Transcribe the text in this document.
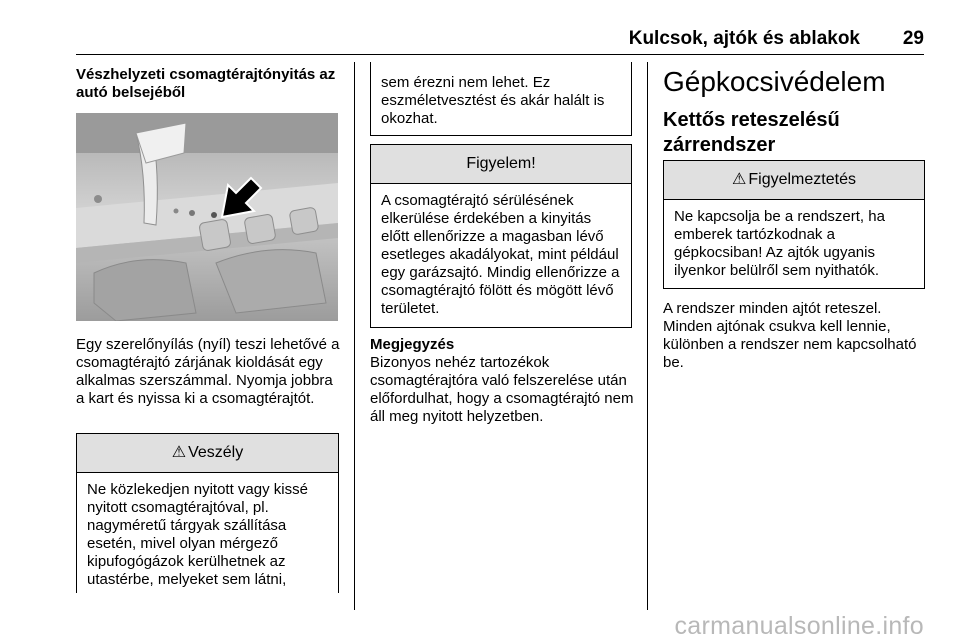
Kulcsok, ajtók és ablakok 29

Vészhelyzeti csomagtérajtónyitás az autó belsejéből

Egy szerelőnyílás (nyíl) teszi lehetővé a csomagtérajtó zárjának kioldását egy alkalmas szerszámmal. Nyomja jobbra a kart és nyissa ki a csomagtérajtót.

⚠ Veszély
Ne közlekedjen nyitott vagy kissé nyitott csomagtérajtóval, pl. nagyméretű tárgyak szállítása esetén, mivel olyan mérgező kipufogógázok kerülhetnek az utastérbe, melyeket sem látni,
sem érezni nem lehet. Ez eszméletvesztést és akár halált is okozhat.
Figyelem!
A csomagtérajtó sérülésének elkerülése érdekében a kinyitás előtt ellenőrizze a magasban lévő esetleges akadályokat, mint például egy garázsajtó. Mindig ellenőrizze a csomagtérajtó fölött és mögött lévő területet.

Megjegyzés

Bizonyos nehéz tartozékok csomagtérajtóra való felszerelése után előfordulhat, hogy a csomagtérajtó nem áll meg nyitott helyzetben.

Gépkocsivédelem
Kettős reteszelésű zárrendszer
⚠ Figyelmeztetés
Ne kapcsolja be a rendszert, ha emberek tartózkodnak a gépkocsiban! Az ajtók ugyanis ilyenkor belülről sem nyithatók.

A rendszer minden ajtót reteszel. Minden ajtónak csukva kell lennie, különben a rendszer nem kapcsolható be.

carmanualsonline.info
